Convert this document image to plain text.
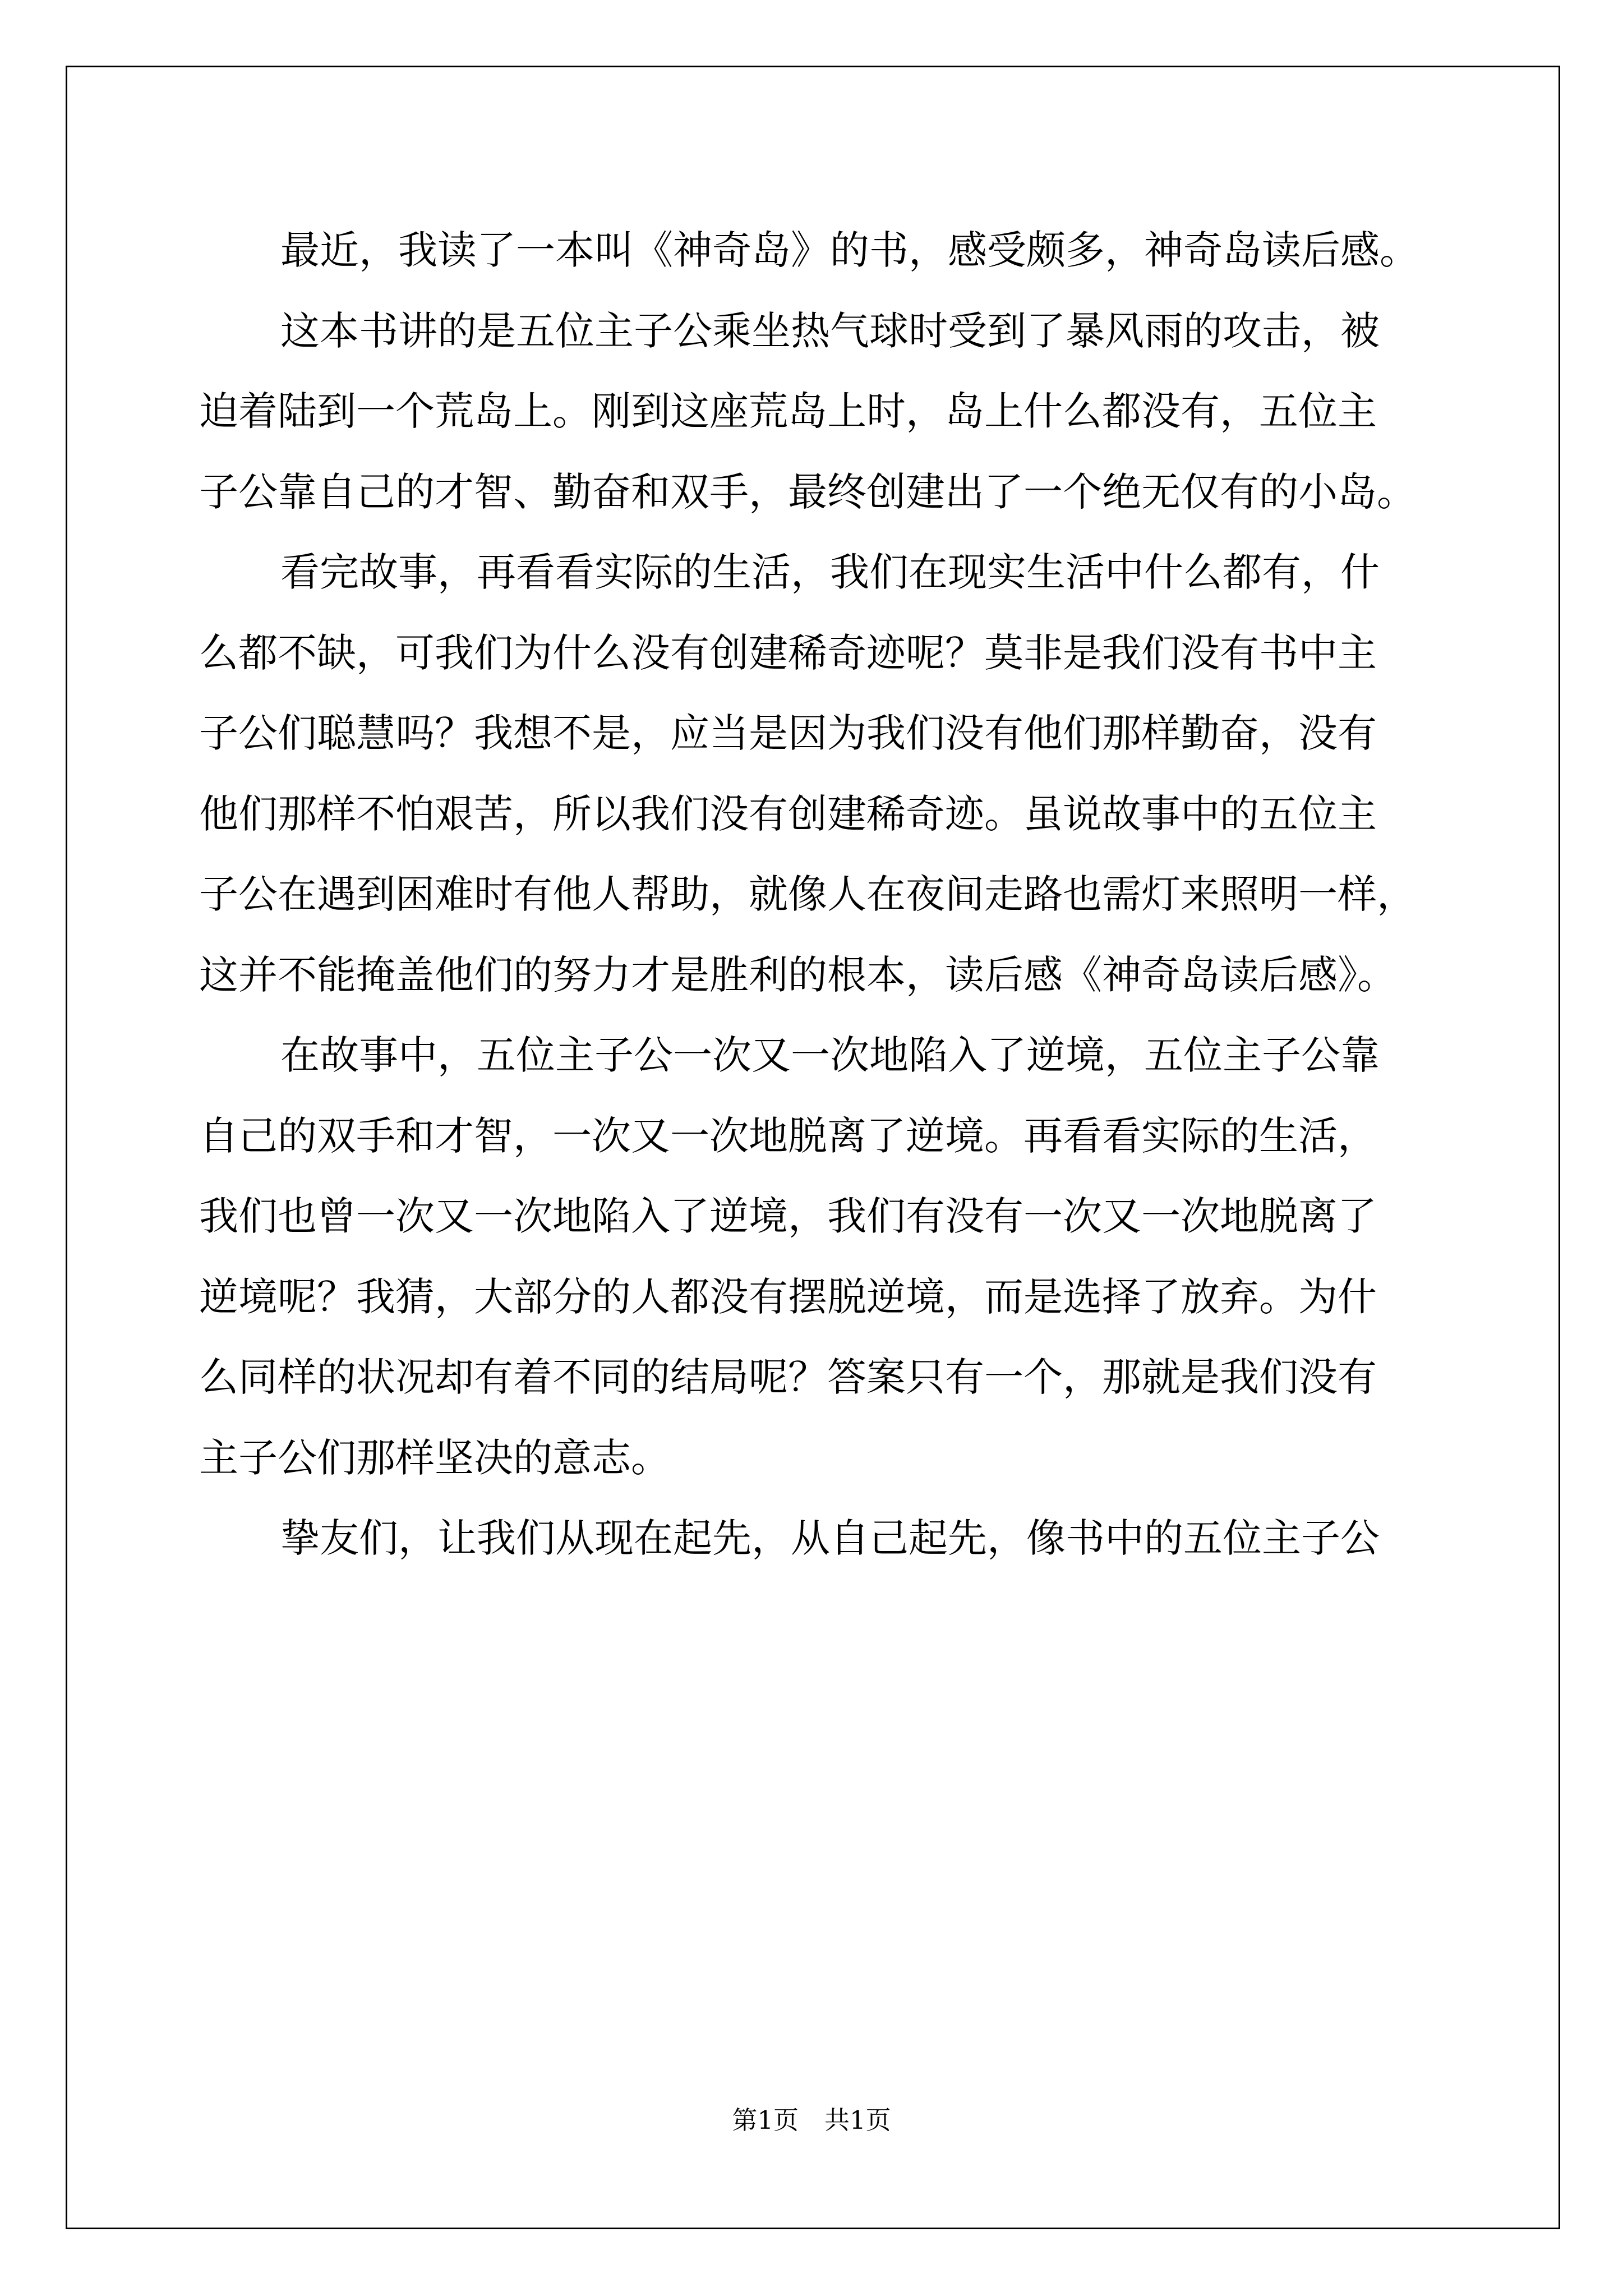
最近，我读了一本叫《神奇岛》的书，感受颇多，神奇岛读后感。
这本书讲的是五位主子公乘坐热气球时受到了暴风雨的攻击，被
迫着陆到一个荒岛上。刚到这座荒岛上时，岛上什么都没有，五位主
子公靠自己的才智、勤奋和双手，最终创建出了一个绝无仅有的小岛。
看完故事，再看看实际的生活，我们在现实生活中什么都有，什
么都不缺，可我们为什么没有创建稀奇迹呢？莫非是我们没有书中主
子公们聪慧吗？我想不是，应当是因为我们没有他们那样勤奋，没有
他们那样不怕艰苦，所以我们没有创建稀奇迹。虽说故事中的五位主
子公在遇到困难时有他人帮助，就像人在夜间走路也需灯来照明一样，
这并不能掩盖他们的努力才是胜利的根本，读后感《神奇岛读后感》。
在故事中，五位主子公一次又一次地陷入了逆境，五位主子公靠
自己的双手和才智，一次又一次地脱离了逆境。再看看实际的生活，
我们也曾一次又一次地陷入了逆境，我们有没有一次又一次地脱离了
逆境呢？我猜，大部分的人都没有摆脱逆境，而是选择了放弃。为什
么同样的状况却有着不同的结局呢？答案只有一个，那就是我们没有
主子公们那样坚决的意志。
挚友们，让我们从现在起先，从自己起先，像书中的五位主子公
第1页 共1页
